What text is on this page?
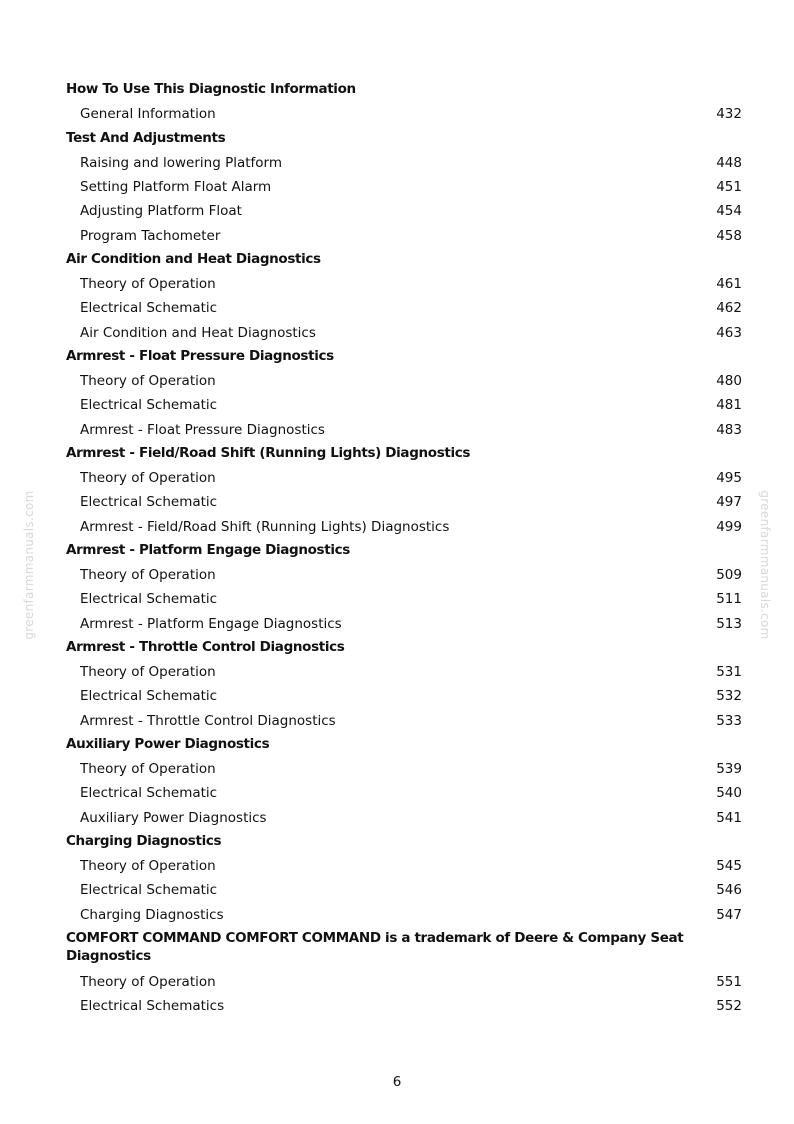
greenfarmmanuals.com	greenfarmmanuals.com
How To Use This Diagnostic Information
General Information	432
Test And Adjustments
Raising and lowering Platform	448
Setting Platform Float Alarm	451
Adjusting Platform Float	454
Program Tachometer	458
Air Condition and Heat Diagnostics
Theory of Operation	461
Electrical Schematic	462
Air Condition and Heat Diagnostics	463
Armrest - Float Pressure Diagnostics
Theory of Operation	480
Electrical Schematic	481
Armrest - Float Pressure Diagnostics	483
Armrest - Field/Road Shift (Running Lights) Diagnostics
Theory of Operation	495
Electrical Schematic	497
Armrest - Field/Road Shift (Running Lights) Diagnostics	499
Armrest - Platform Engage Diagnostics
Theory of Operation	509
Electrical Schematic	511
Armrest - Platform Engage Diagnostics	513
Armrest - Throttle Control Diagnostics
Theory of Operation	531
Electrical Schematic	532
Armrest - Throttle Control Diagnostics	533
Auxiliary Power Diagnostics
Theory of Operation	539
Electrical Schematic	540
Auxiliary Power Diagnostics	541
Charging Diagnostics
Theory of Operation	545
Electrical Schematic	546
Charging Diagnostics	547
COMFORT COMMAND COMFORT COMMAND is a trademark of Deere & Company Seat Diagnostics
Theory of Operation	551
Electrical Schematics	552
6
